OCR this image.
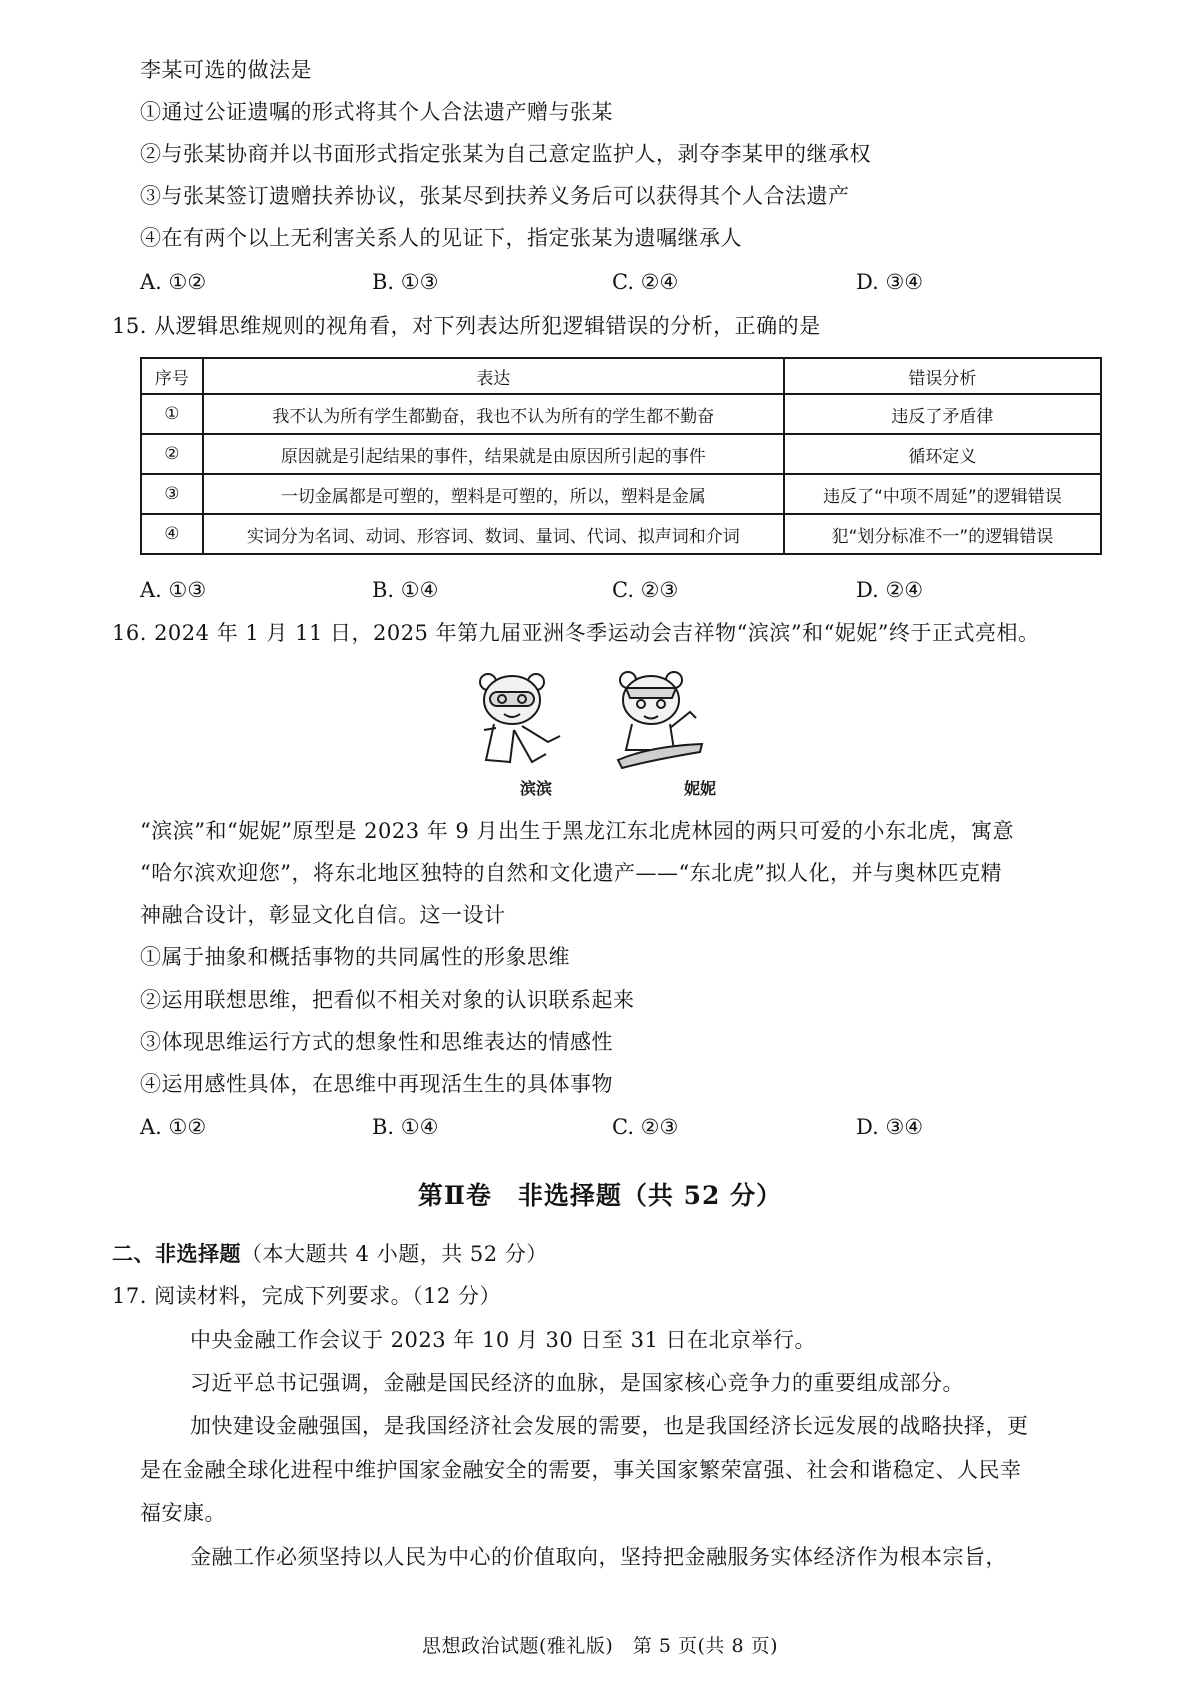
李某可选的做法是
①通过公证遗嘱的形式将其个人合法遗产赠与张某
②与张某协商并以书面形式指定张某为自己意定监护人，剥夺李某甲的继承权
③与张某签订遗赠扶养协议，张某尽到扶养义务后可以获得其个人合法遗产
④在有两个以上无利害关系人的见证下，指定张某为遗嘱继承人
A. ①②	B. ①③	C. ②④	D. ③④
15. 从逻辑思维规则的视角看，对下列表达所犯逻辑错误的分析，正确的是
序号	表达	错误分析
①	我不认为所有学生都勤奋，我也不认为所有的学生都不勤奋	违反了矛盾律
②	原因就是引起结果的事件，结果就是由原因所引起的事件	循环定义
③	一切金属都是可塑的，塑料是可塑的，所以，塑料是金属	违反了“中项不周延”的逻辑错误
④	实词分为名词、动词、形容词、数词、量词、代词、拟声词和介词	犯“划分标准不一”的逻辑错误
A. ①③	B. ①④	C. ②③	D. ②④
16. 2024 年 1 月 11 日，2025 年第九届亚洲冬季运动会吉祥物“滨滨”和“妮妮”终于正式亮相。
滨滨	妮妮
“滨滨”和“妮妮”原型是 2023 年 9 月出生于黑龙江东北虎林园的两只可爱的小东北虎，寓意
“哈尔滨欢迎您”，将东北地区独特的自然和文化遗产——“东北虎”拟人化，并与奥林匹克精
神融合设计，彰显文化自信。这一设计
①属于抽象和概括事物的共同属性的形象思维
②运用联想思维，把看似不相关对象的认识联系起来
③体现思维运行方式的想象性和思维表达的情感性
④运用感性具体，在思维中再现活生生的具体事物
A. ①②	B. ①④	C. ②③	D. ③④
第Ⅱ卷　非选择题（共 52 分）
二、非选择题（本大题共 4 小题，共 52 分）
17. 阅读材料，完成下列要求。（12 分）
中央金融工作会议于 2023 年 10 月 30 日至 31 日在北京举行。
习近平总书记强调，金融是国民经济的血脉，是国家核心竞争力的重要组成部分。
加快建设金融强国，是我国经济社会发展的需要，也是我国经济长远发展的战略抉择，更
是在金融全球化进程中维护国家金融安全的需要，事关国家繁荣富强、社会和谐稳定、人民幸
福安康。
金融工作必须坚持以人民为中心的价值取向，坚持把金融服务实体经济作为根本宗旨，
思想政治试题(雅礼版)　第 5 页(共 8 页)
